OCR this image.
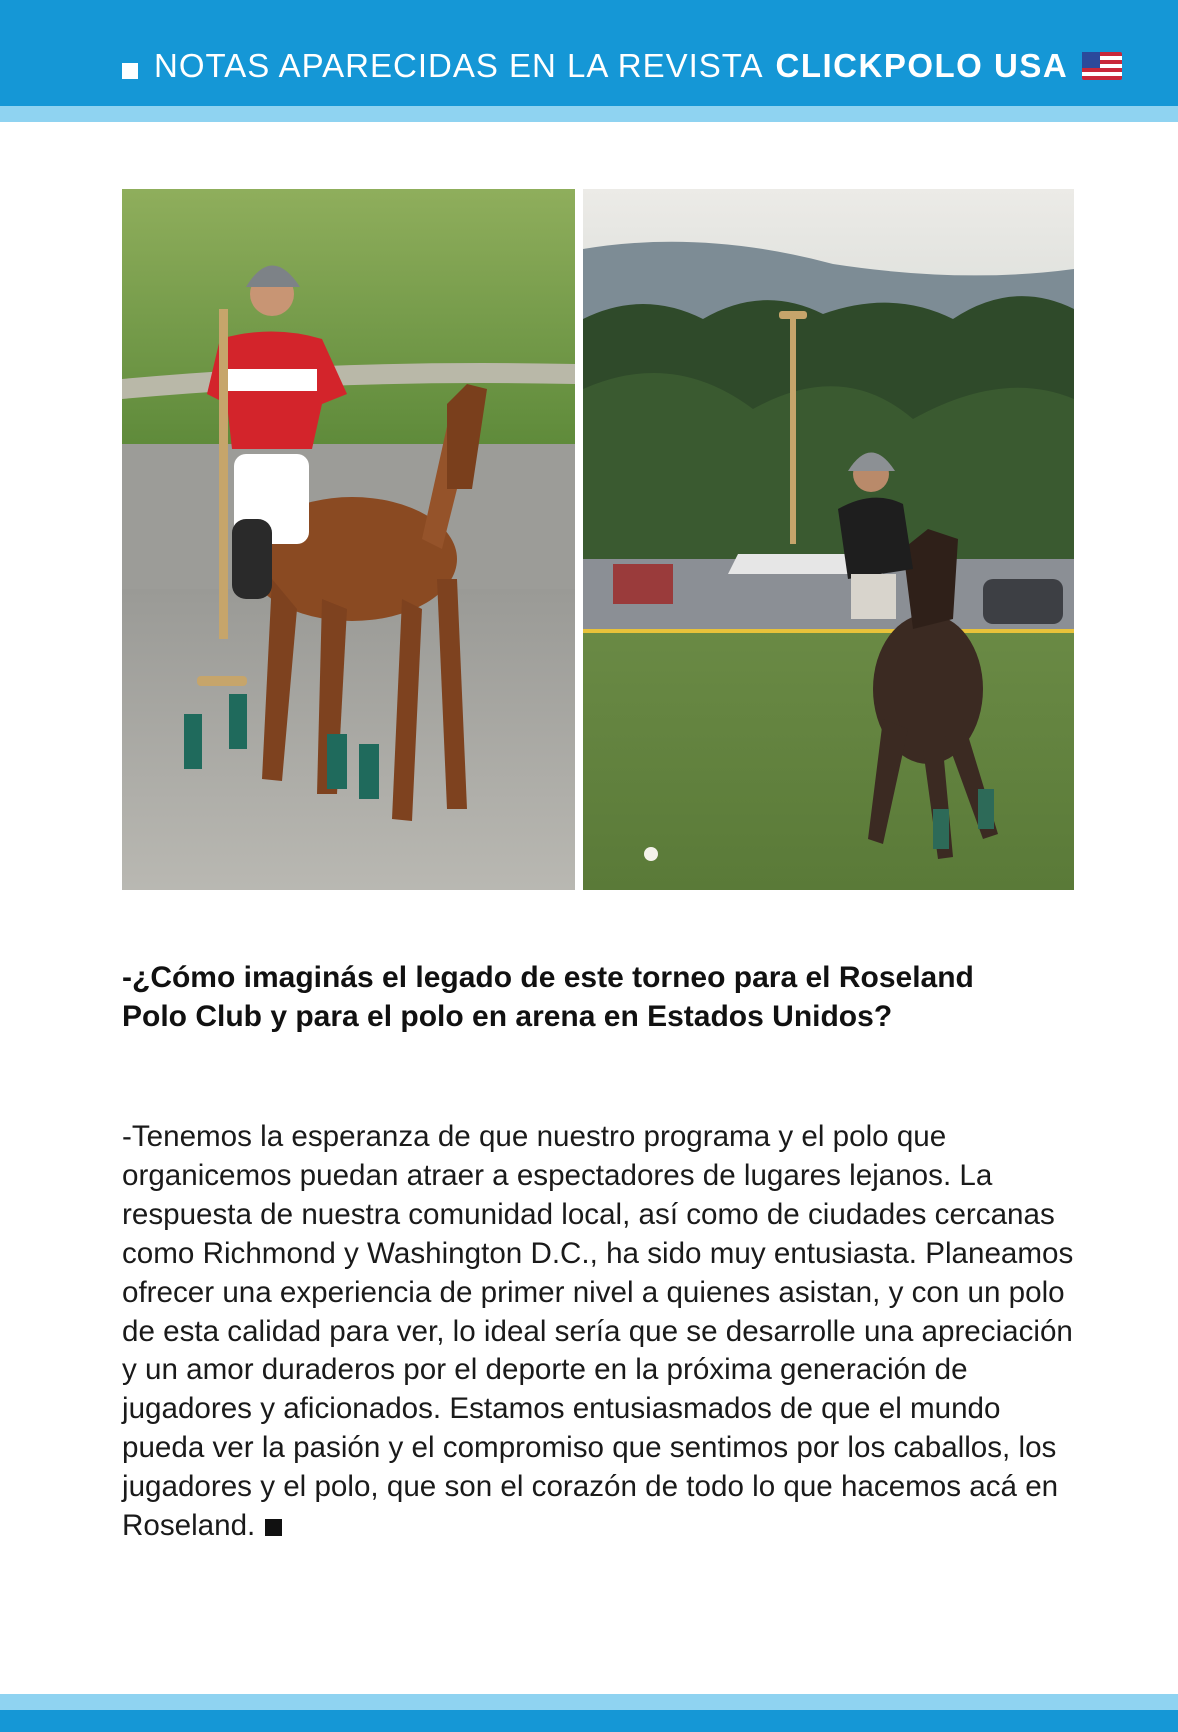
NOTAS APARECIDAS EN LA REVISTA CLICKPOLO USA
-¿Cómo imaginás el legado de este torneo para el Roseland Polo Club y para el polo en arena en Estados Unidos?
-Tenemos la esperanza de que nuestro programa y el polo que organicemos puedan atraer a espectadores de lugares lejanos. La respuesta de nuestra comunidad local, así como de ciudades cercanas como Richmond y Washington D.C., ha sido muy entusiasta. Planeamos ofrecer una experiencia de primer nivel a quienes asistan, y con un polo de esta calidad para ver, lo ideal sería que se desarrolle una apreciación y un amor duraderos por el deporte en la próxima generación de jugadores y aficionados. Estamos entusiasmados de que el mundo pueda ver la pasión y el compromiso que sentimos por los caballos, los jugadores y el polo, que son el corazón de todo lo que hacemos acá en Roseland.
